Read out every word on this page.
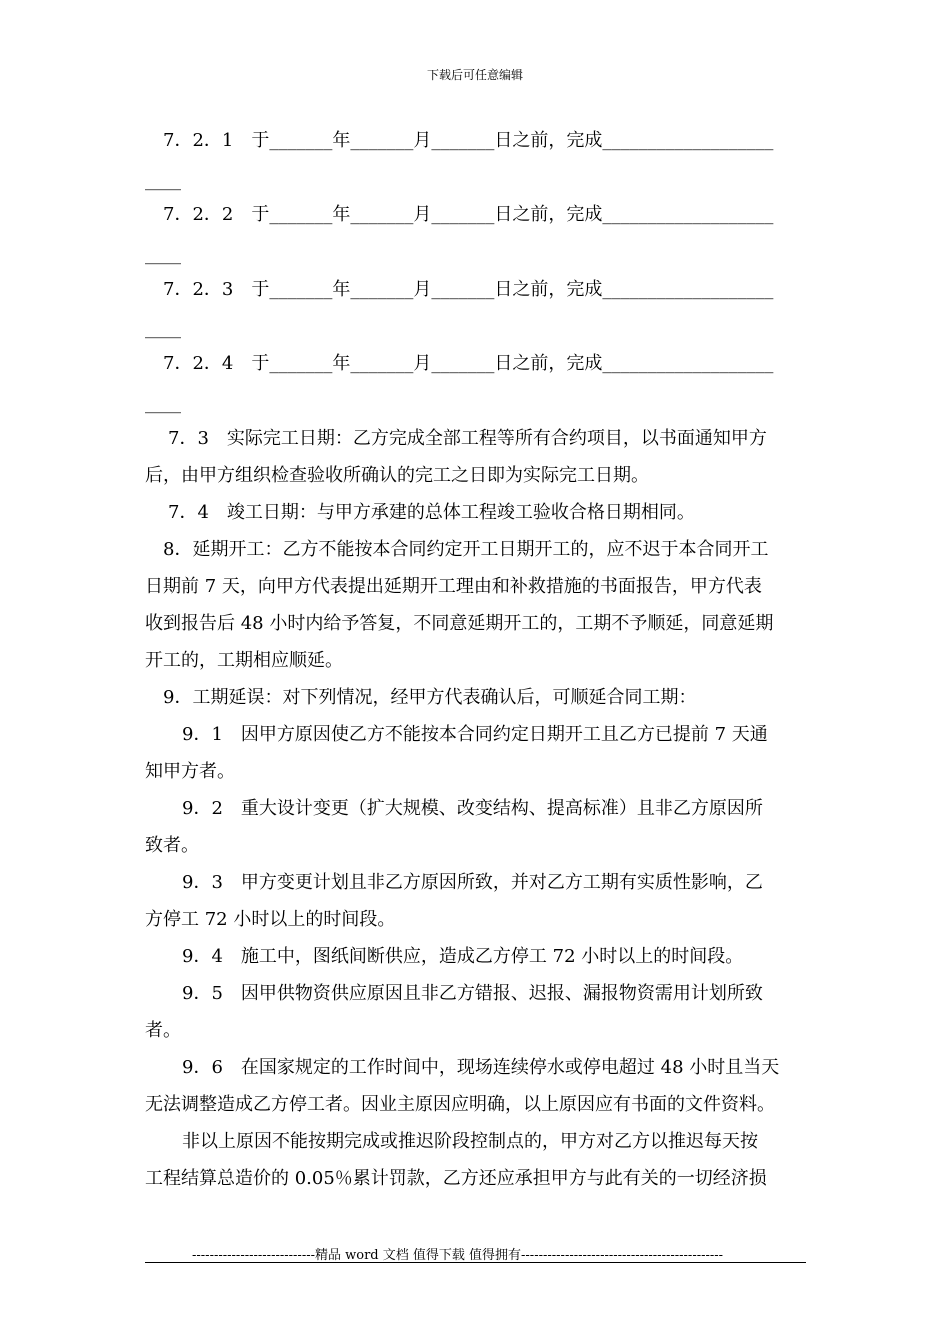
下载后可任意编辑
7．2．1　于_______年_______月_______日之前，完成___________________
____
7．2．2　于_______年_______月_______日之前，完成___________________
____
7．2．3　于_______年_______月_______日之前，完成___________________
____
7．2．4　于_______年_______月_______日之前，完成___________________
____
7．3　实际完工日期：乙方完成全部工程等所有合约项目，以书面通知甲方
后，由甲方组织检查验收所确认的完工之日即为实际完工日期。
7．4　竣工日期：与甲方承建的总体工程竣工验收合格日期相同。
8．延期开工：乙方不能按本合同约定开工日期开工的，应不迟于本合同开工
日期前 7 天，向甲方代表提出延期开工理由和补救措施的书面报告，甲方代表
收到报告后 48 小时内给予答复，不同意延期开工的，工期不予顺延，同意延期
开工的，工期相应顺延。
9．工期延误：对下列情况，经甲方代表确认后，可顺延合同工期：
9．1　因甲方原因使乙方不能按本合同约定日期开工且乙方已提前 7 天通
知甲方者。
9．2　重大设计变更（扩大规模、改变结构、提高标准）且非乙方原因所
致者。
9．3　甲方变更计划且非乙方原因所致，并对乙方工期有实质性影响，乙
方停工 72 小时以上的时间段。
9．4　施工中，图纸间断供应，造成乙方停工 72 小时以上的时间段。
9．5　因甲供物资供应原因且非乙方错报、迟报、漏报物资需用计划所致
者。
9．6　在国家规定的工作时间中，现场连续停水或停电超过 48 小时且当天
无法调整造成乙方停工者。因业主原因应明确，以上原因应有书面的文件资料。
非以上原因不能按期完成或推迟阶段控制点的，甲方对乙方以推迟每天按
工程结算总造价的 0.05％累计罚款，乙方还应承担甲方与此有关的一切经济损
----------------------------精品 word 文档 值得下载 值得拥有----------------------------------------------
